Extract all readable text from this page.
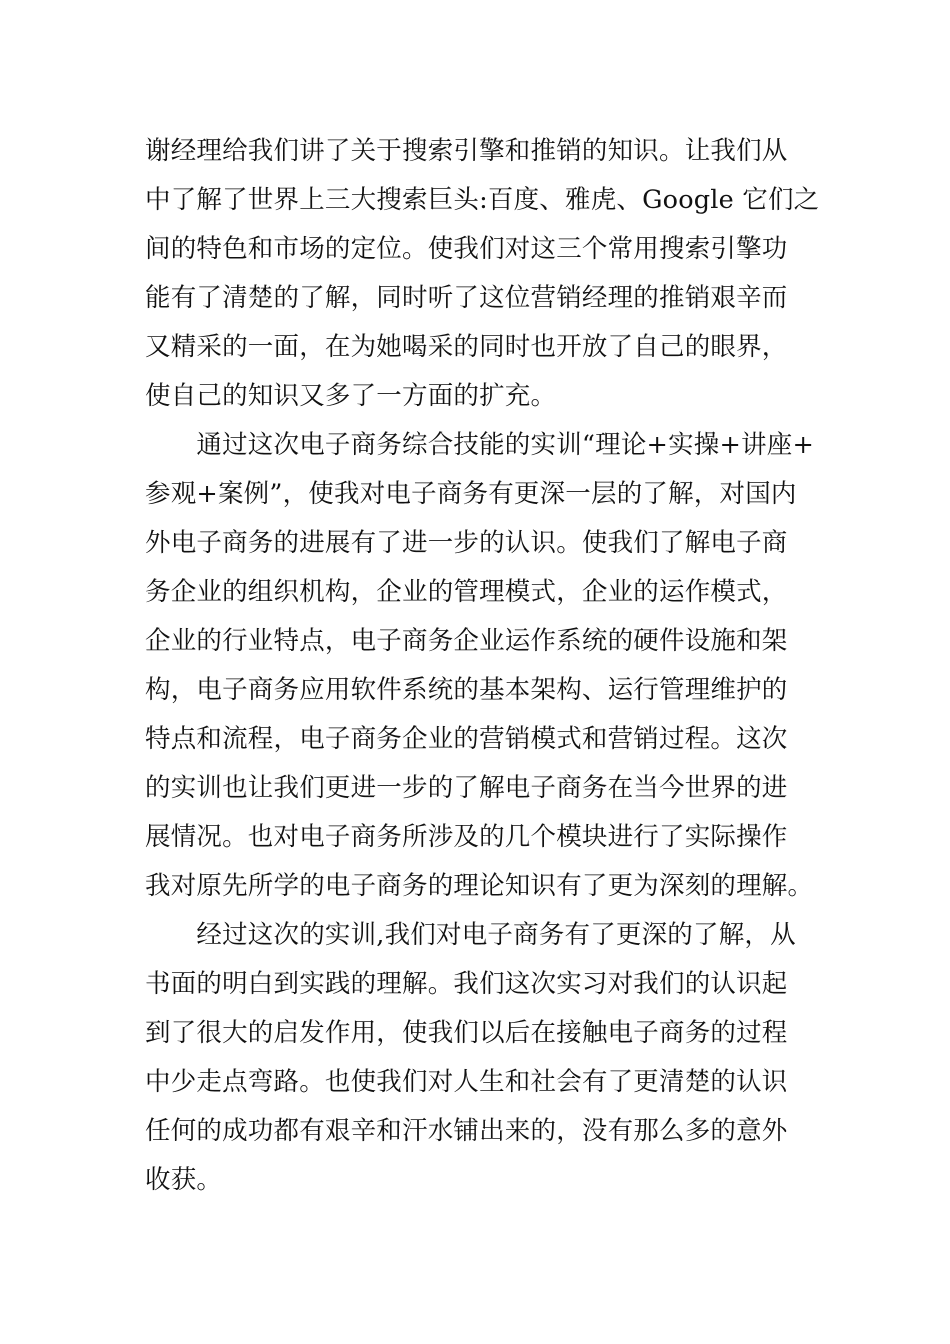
谢经理给我们讲了关于搜索引擎和推销的知识。让我们从
中了解了世界上三大搜索巨头:百度、雅虎、Google 它们之
间的特色和市场的定位。使我们对这三个常用搜索引擎功
能有了清楚的了解，同时听了这位营销经理的推销艰辛而
又精采的一面，在为她喝采的同时也开放了自己的眼界，
使自己的知识又多了一方面的扩充。
　　通过这次电子商务综合技能的实训“理论+实操+讲座+
参观+案例”，使我对电子商务有更深一层的了解，对国内
外电子商务的进展有了进一步的认识。使我们了解电子商
务企业的组织机构，企业的管理模式，企业的运作模式，
企业的行业特点，电子商务企业运作系统的硬件设施和架
构，电子商务应用软件系统的基本架构、运行管理维护的
特点和流程，电子商务企业的营销模式和营销过程。这次
的实训也让我们更进一步的了解电子商务在当今世界的进
展情况。也对电子商务所涉及的几个模块进行了实际操作
我对原先所学的电子商务的理论知识有了更为深刻的理解。
　　经过这次的实训,我们对电子商务有了更深的了解，从
书面的明白到实践的理解。我们这次实习对我们的认识起
到了很大的启发作用，使我们以后在接触电子商务的过程
中少走点弯路。也使我们对人生和社会有了更清楚的认识
任何的成功都有艰辛和汗水铺出来的，没有那么多的意外
收获。
